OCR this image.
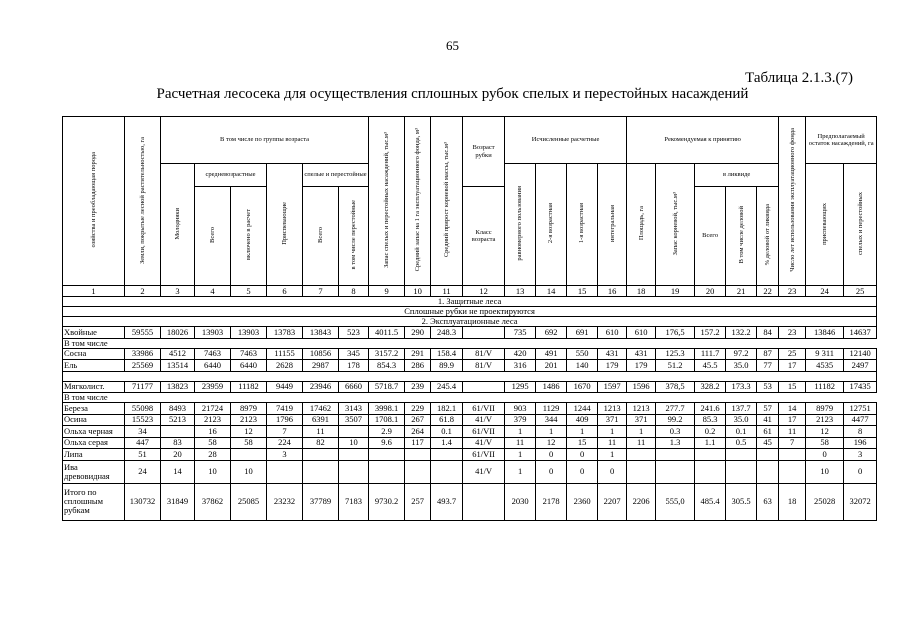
65
Таблица 2.1.3.(7)
Расчетная лесосека для осуществления сплошных рубок спелых и перестойных насаждений
озяйства и преобладающая порода	Земли, покрытые лесной растительностью, га	В том числе по группы возраста						Запас спелых и перестойных насаждений, тыс.м³	Средний запас на 1 га эксплуатационного фонда, м³	Средний прирост корневой массы, тыс.м³	Возраст рубки	Исчисленные расчетные				Рекомендуемая к принятию					Число лет использования эксплуатационного фонда	Предполагаемый остаток насаждений, га	
		Молодняки	средневозрастные		Приспевающие	спелые и перестойные						равномерного пользования	2-я возрастная	1-я возрастная	интегральная	Площадь, га	Запас корневой, тыс.м³	в ликвиде				приспевающих	спелых и перестойных
			Всего	включено в расчет		Всего	в том числе перестойные				Класс возраста							Всего	В том числе деловой	% деловой от ликвида			
1	2	3	4	5	6	7	8	9	10	11	12	13	14	15	16	18	19	20	21	22	23	24	25
1. Защитные леса																							
Сплошные рубки не проектируются																							
2. Эксплуатационные леса																							
Хвойные	59555	18026	13903	13903	13783	13843	523	4011.5	290	248.3		735	692	691	610	610	176,5	157.2	132.2	84	23	13846	14637
В том числе																							
Сосна	33986	4512	7463	7463	11155	10856	345	3157.2	291	158.4	81/V	420	491	550	431	431	125.3	111.7	97.2	87	25	9 311	12140
Ель	25569	13514	6440	6440	2628	2987	178	854.3	286	89.9	81/V	316	201	140	179	179	51.2	45.5	35.0	77	17	4535	2497

Мягколист.	71177	13823	23959	11182	9449	23946	6660	5718.7	239	245.4		1295	1486	1670	1597	1596	378,5	328.2	173.3	53	15	11182	17435
В том числе																							
Береза	55098	8493	21724	8979	7419	17462	3143	3998.1	229	182.1	61/VII	903	1129	1244	1213	1213	277.7	241.6	137.7	57	14	8979	12751
Осина	15523	5213	2123	2123	1796	6391	3507	1708.1	267	61.8	41/V	379	344	409	371	371	99.2	85.3	35.0	41	17	2123	4477
Ольха черная	34		16	12	7	11		2.9	264	0.1	61/VII	1	1	1	1	1	0.3	0.2	0.1	61	11	12	8
Ольха серая	447	83	58	58	224	82	10	9.6	117	1.4	41/V	11	12	15	11	11	1.3	1.1	0.5	45	7	58	196
Липа	51	20	28		3						61/VII	1	0	0	1							0	3
Ива древовидная	24	14	10	10							41/V	1	0	0	0							10	0
Итого по сплошным рубкам	130732	31849	37862	25085	23232	37789	7183	9730.2	257	493.7		2030	2178	2360	2207	2206	555,0	485.4	305.5	63	18	25028	32072
